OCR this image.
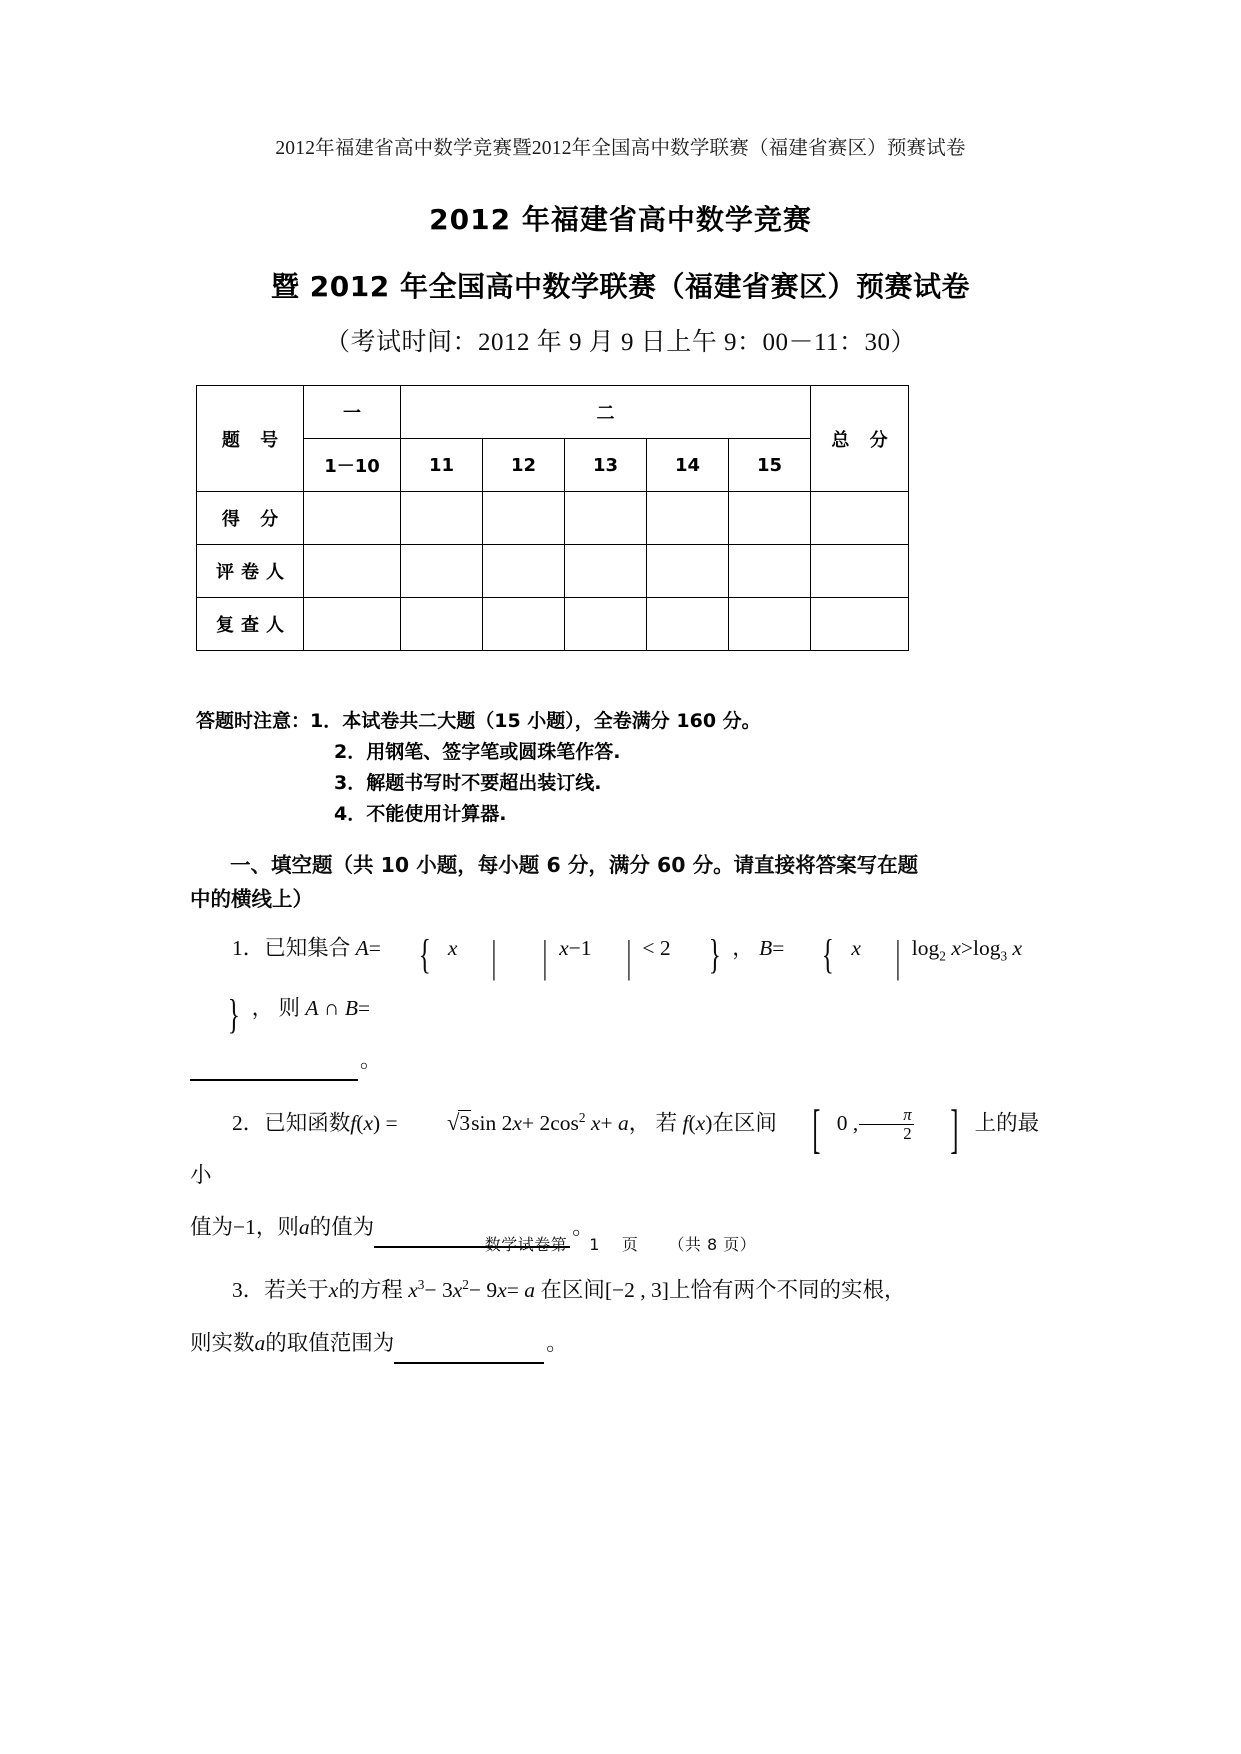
2012年福建省高中数学竞赛暨2012年全国高中数学联赛（福建省赛区）预赛试卷
2012 年福建省高中数学竞赛
暨 2012 年全国高中数学联赛（福建省赛区）预赛试卷
（考试时间：2012 年 9 月 9 日上午 9：00－11：30）
题 号	一	二					总 分
	1－10	11	12	13	14	15	
得 分							
评卷人							
复查人							
答题时注意：1．本试卷共二大题（15 小题），全卷满分 160 分。
2．用钢笔、签字笔或圆珠笔作答.
3．解题书写时不要超出装订线.
4．不能使用计算器.
一、填空题（共 10 小题，每小题 6 分，满分 60 分。请直接将答案写在题
中的横线上）
1．已知集合 A= { x | | x−1 | < 2 } ， B= { x | $\log_2 x>\log_3$ x} ， 则 A ∩ B=
。
2．已知函数f(x) = √3sin $2x+ 2\cos^2$ x+ a， 若 f(x)在区间 [ 0 , $\frac{\pi}{2}$ ] 上的最小
值为−1，则a的值为	。
3．若关于x的方程 $x^3- 3x^2- 9x= a$ 在区间[−2 , 3]上恰有两个不同的实根，
则实数a的取值范围为	。
数学试卷第 1 页 （共 8 页）
